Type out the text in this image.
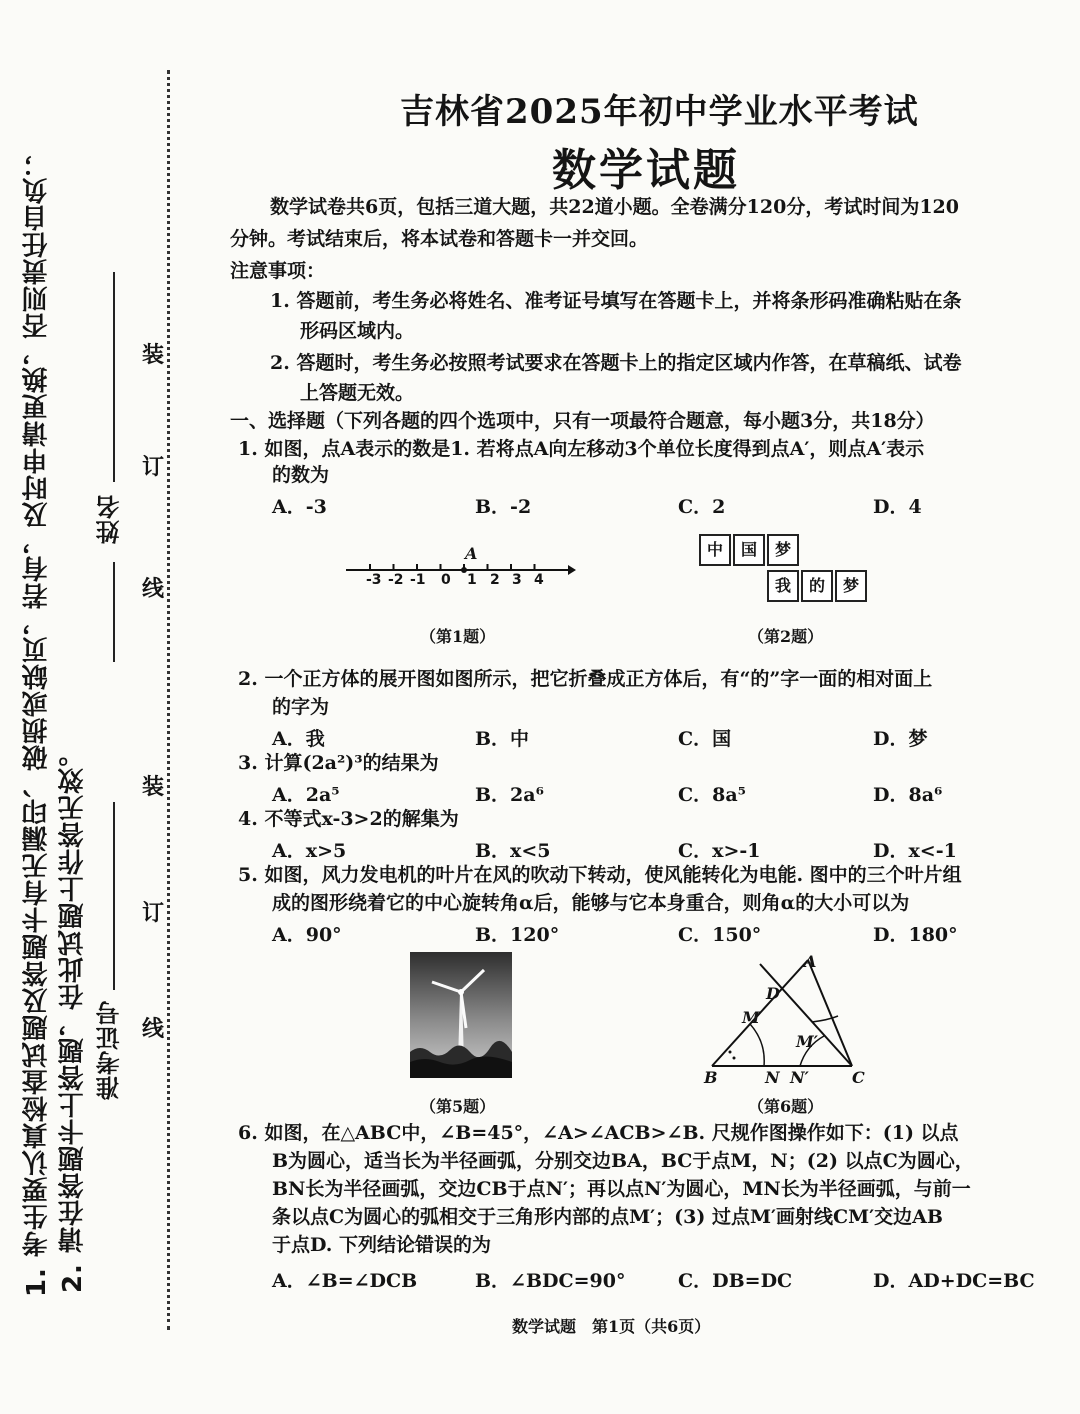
1. 考生要认真检查试题及答题卡有无漏印、破损或缺页，若有，及时申请更换，否则责任自负； 2. 请在答题卡上答题，在此试题上作答无效。
姓名
准考证号
装
订
线
装
订
线
吉林省2025年初中学业水平考试
数学试题
数学试卷共6页，包括三道大题，共22道小题。全卷满分120分，考试时间为120
分钟。考试结束后，将本试卷和答题卡一并交回。
注意事项：
1. 答题前，考生务必将姓名、准考证号填写在答题卡上，并将条形码准确粘贴在条
形码区域内。
2. 答题时，考生务必按照考试要求在答题卡上的指定区域内作答，在草稿纸、试卷
上答题无效。
一、选择题（下列各题的四个选项中，只有一项最符合题意，每小题3分，共18分）
1. 如图，点A表示的数是1. 若将点A向左移动3个单位长度得到点A′，则点A′表示
的数为
A．-3	B．-2	C．2	D．4
-3 -2 -1 0 1 2 3 4
A
（第1题）
中	国	梦
我	的	梦
（第2题）
2. 一个正方体的展开图如图所示，把它折叠成正方体后，有“的”字一面的相对面上
的字为
A．我	B．中	C．国	D．梦
3. 计算(2a²)³的结果为
A．2a⁵	B．2a⁶	C．8a⁵	D．8a⁶
4. 不等式x-3>2的解集为
A．x>5	B．x<5	C．x>-1	D．x<-1
5. 如图，风力发电机的叶片在风的吹动下转动，使风能转化为电能. 图中的三个叶片组
成的图形绕着它的中心旋转角α后，能够与它本身重合，则角α的大小可以为
A．90°	B．120°	C．150°	D．180°
（第5题）
A
D
M
M′
B	N N′	C
（第6题）
6. 如图，在△ABC中，∠B=45°，∠A>∠ACB>∠B. 尺规作图操作如下：(1) 以点
B为圆心，适当长为半径画弧，分别交边BA，BC于点M，N；(2) 以点C为圆心，
BN长为半径画弧，交边CB于点N′；再以点N′为圆心，MN长为半径画弧，与前一
条以点C为圆心的弧相交于三角形内部的点M′；(3) 过点M′画射线CM′交边AB
于点D. 下列结论错误的为
A．∠B=∠DCB	B．∠BDC=90°	C．DB=DC	D．AD+DC=BC
数学试题　第1页（共6页）
